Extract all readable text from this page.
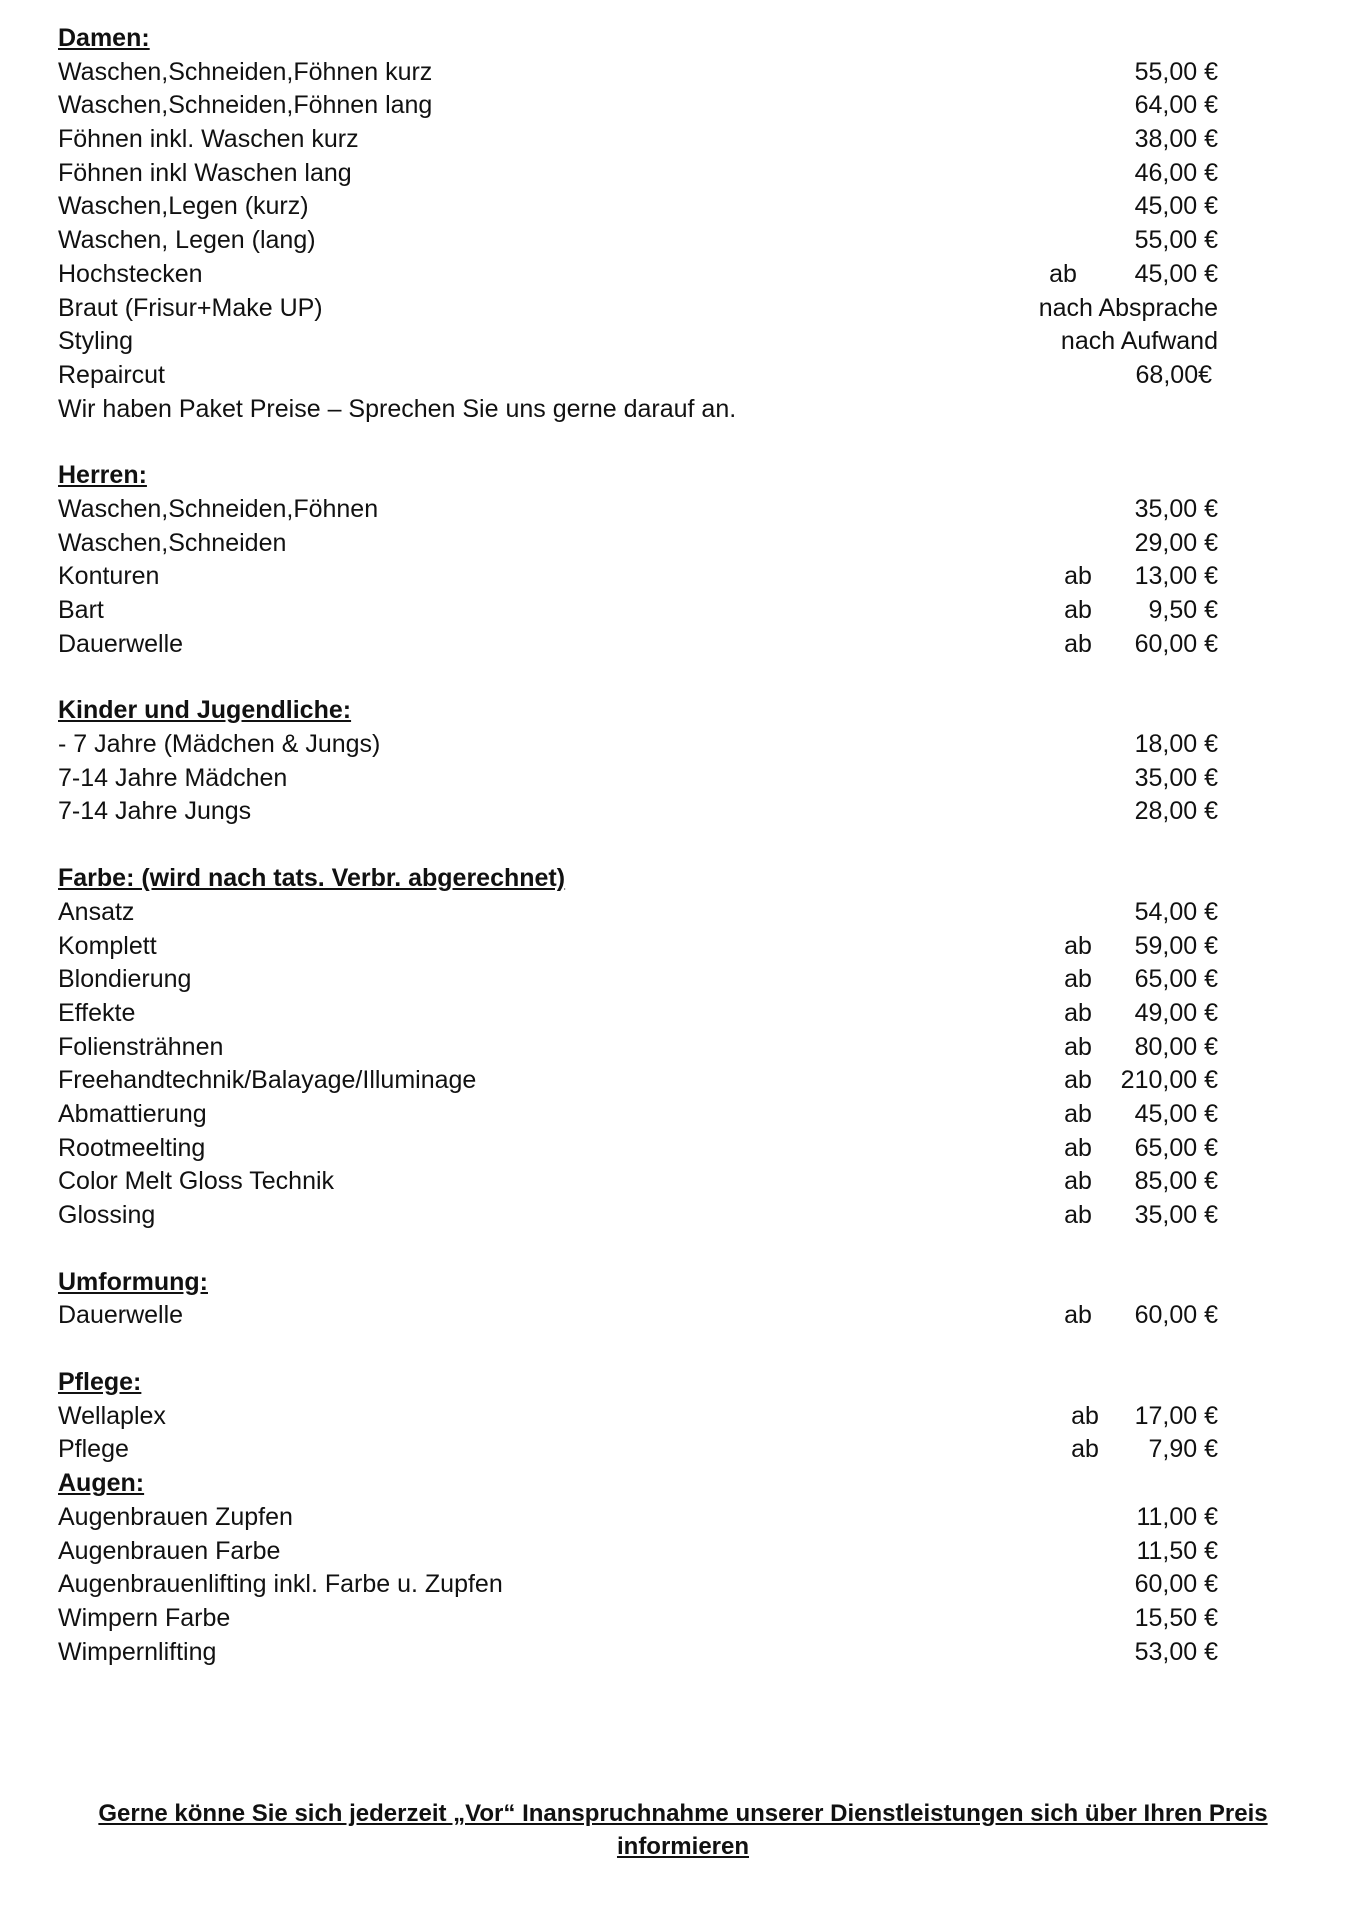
Damen:
Waschen,Schneiden,Föhnen kurz	55,00 €
Waschen,Schneiden,Föhnen lang	64,00 €
Föhnen inkl. Waschen kurz	38,00 €
Föhnen inkl Waschen lang	46,00 €
Waschen,Legen (kurz)	45,00 €
Waschen, Legen (lang)	55,00 €
Hochstecken	ab	45,00 €
Braut (Frisur+Make UP)	nach Absprache
Styling	nach Aufwand
Repaircut	68,00€
Wir haben Paket Preise – Sprechen Sie uns gerne darauf an.
Herren:
Waschen,Schneiden,Föhnen	35,00 €
Waschen,Schneiden	29,00 €
Konturen	ab	13,00 €
Bart	ab	9,50 €
Dauerwelle	ab	60,00 €
Kinder und Jugendliche:
- 7 Jahre (Mädchen & Jungs)	18,00 €
7-14 Jahre Mädchen	35,00 €
7-14 Jahre Jungs	28,00 €
Farbe: (wird nach tats. Verbr. abgerechnet)
Ansatz	54,00 €
Komplett	ab	59,00 €
Blondierung	ab	65,00 €
Effekte	ab	49,00 €
Foliensträhnen	ab	80,00 €
Freehandtechnik/Balayage/Illuminage	ab	210,00 €
Abmattierung	ab	45,00 €
Rootmeelting	ab	65,00 €
Color Melt Gloss Technik	ab	85,00 €
Glossing	ab	35,00 €
Umformung:
Dauerwelle	ab	60,00 €
Pflege:
Wellaplex	ab	17,00 €
Pflege	ab	7,90 €
Augen:
Augenbrauen Zupfen	11,00 €
Augenbrauen Farbe	11,50 €
Augenbrauenlifting inkl. Farbe u. Zupfen	60,00 €
Wimpern Farbe	15,50 €
Wimpernlifting	53,00 €
Gerne könne Sie sich jederzeit „Vor“ Inanspruchnahme unserer Dienstleistungen sich über Ihren Preis
informieren
